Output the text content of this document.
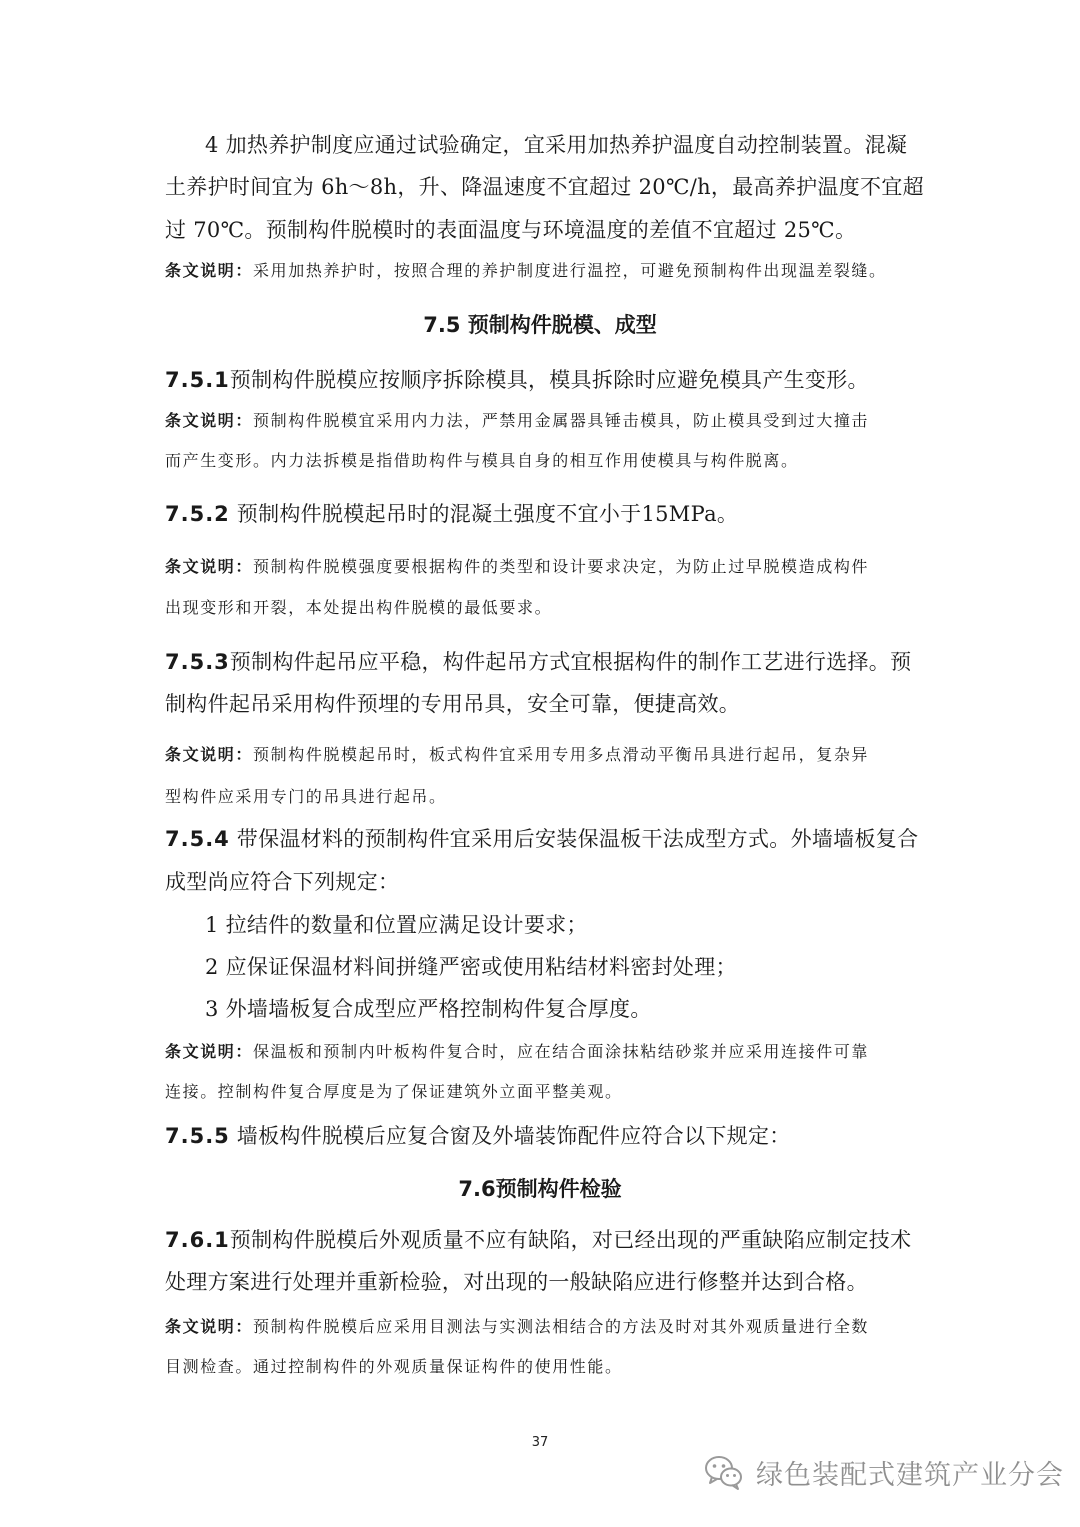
4 加热养护制度应通过试验确定，宜采用加热养护温度自动控制装置。混凝
土养护时间宜为 6h～8h，升、降温速度不宜超过 20℃/h，最高养护温度不宜超
过 70℃。预制构件脱模时的表面温度与环境温度的差值不宜超过 25℃。
条文说明：采用加热养护时，按照合理的养护制度进行温控，可避免预制构件出现温差裂缝。
7.5 预制构件脱模、成型
7.5.1预制构件脱模应按顺序拆除模具，模具拆除时应避免模具产生变形。
条文说明：预制构件脱模宜采用内力法，严禁用金属器具锤击模具，防止模具受到过大撞击
而产生变形。内力法拆模是指借助构件与模具自身的相互作用使模具与构件脱离。
7.5.2 预制构件脱模起吊时的混凝土强度不宜小于15MPa。
条文说明：预制构件脱模强度要根据构件的类型和设计要求决定，为防止过早脱模造成构件
出现变形和开裂，本处提出构件脱模的最低要求。
7.5.3预制构件起吊应平稳，构件起吊方式宜根据构件的制作工艺进行选择。预
制构件起吊采用构件预埋的专用吊具，安全可靠，便捷高效。
条文说明：预制构件脱模起吊时，板式构件宜采用专用多点滑动平衡吊具进行起吊，复杂异
型构件应采用专门的吊具进行起吊。
7.5.4 带保温材料的预制构件宜采用后安装保温板干法成型方式。外墙墙板复合
成型尚应符合下列规定：
1 拉结件的数量和位置应满足设计要求；
2 应保证保温材料间拼缝严密或使用粘结材料密封处理；
3 外墙墙板复合成型应严格控制构件复合厚度。
条文说明：保温板和预制内叶板构件复合时，应在结合面涂抹粘结砂浆并应采用连接件可靠
连接。控制构件复合厚度是为了保证建筑外立面平整美观。
7.5.5 墙板构件脱模后应复合窗及外墙装饰配件应符合以下规定：
7.6预制构件检验
7.6.1预制构件脱模后外观质量不应有缺陷，对已经出现的严重缺陷应制定技术
处理方案进行处理并重新检验，对出现的一般缺陷应进行修整并达到合格。
条文说明：预制构件脱模后应采用目测法与实测法相结合的方法及时对其外观质量进行全数
目测检查。通过控制构件的外观质量保证构件的使用性能。
37
绿色装配式建筑产业分会
